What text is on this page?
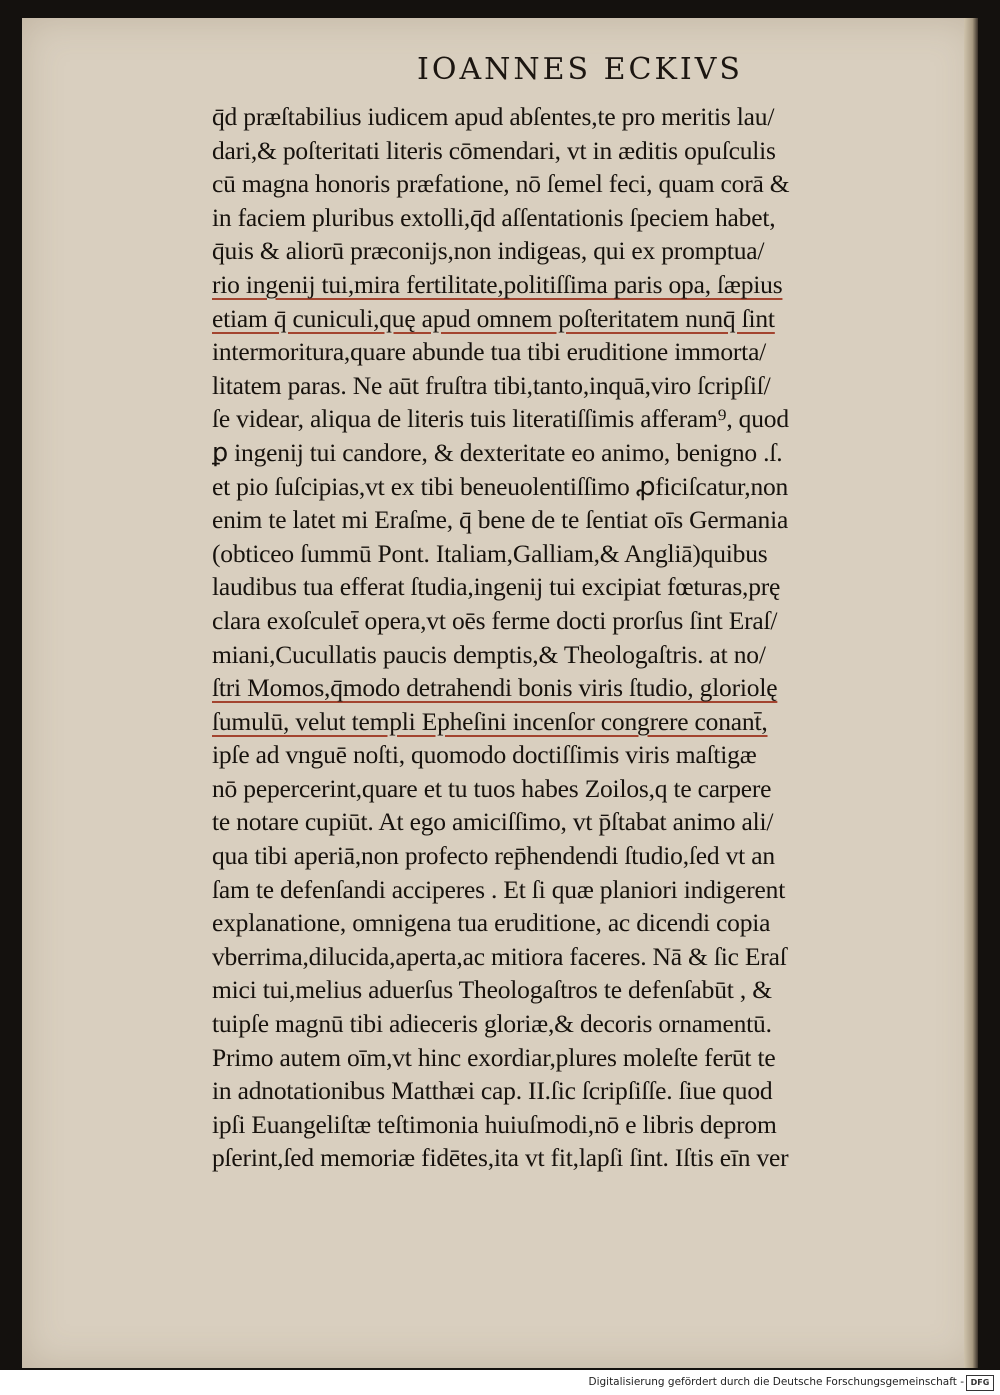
IOANNES ECKIVS
q̄d præſtabilius iudicem apud abſentes,te pro meritis lau/
dari,& poſteritati literis cōmendari, vt in æditis opuſculis
cū magna honoris præfatione, nō ſemel feci, quam corā &
in faciem pluribus extolli,q̄d aſſentationis ſpeciem habet,
q̄uis & aliorū præconijs,non indigeas, qui ex promptua/
rio ingenij tui,mira fertilitate,politiſſima paris opa, ſæpius
etiam q̄ cuniculi,quę apud omnem poſteritatem nunq̄ ſint
intermoritura,quare abunde tua tibi eruditione immorta/
litatem paras. Ne aūt fruſtra tibi,tanto,inquā,viro ſcripſiſ/
ſe videar, aliqua de literis tuis literatiſſimis afferam⁹, quod
ꝑ ingenij tui candore, & dexteritate eo animo, benigno .ſ.
et pio ſuſcipias,vt ex tibi beneuolentiſſimo ꝓficiſcatur,non
enim te latet mi Eraſme, q̄ bene de te ſentiat oīs Germania
(obticeo ſummū Pont. Italiam,Galliam,& Angliā)quibus
laudibus tua efferat ſtudia,ingenij tui excipiat fœturas,prę
clara exoſculet̄ opera,vt oēs ferme docti prorſus ſint Eraſ/
miani,Cucullatis paucis demptis,& Theologaſtris. at no/
ſtri Momos,q̄modo detrahendi bonis viris ſtudio, gloriolę
ſumulū, velut templi Epheſini incenſor congrere conant̄,
ipſe ad vnguē noſti, quomodo doctiſſimis viris maſtigæ
nō pepercerint,quare et tu tuos habes Zoilos,q te carpere
te notare cupiūt. At ego amiciſſimo, vt p̄ſtabat animo ali/
qua tibi aperiā,non profecto rep̄hendendi ſtudio,ſed vt an
ſam te defenſandi acciperes . Et ſi quæ planiori indigerent
explanatione, omnigena tua eruditione, ac dicendi copia
vberrima,dilucida,aperta,ac mitiora faceres. Nā & ſic Eraſ
mici tui,melius aduerſus Theologaſtros te defenſabūt , &
tuipſe magnū tibi adieceris gloriæ,& decoris ornamentū.
Primo autem oīm,vt hinc exordiar,plures moleſte ferūt te
in adnotationibus Matthæi cap. II.ſic ſcripſiſſe. ſiue quod
ipſi Euangeliſtæ teſtimonia huiuſmodi,nō e libris deprom
pſerint,ſed memoriæ fidētes,ita vt fit,lapſi ſint. Iſtis eīn ver
Digitalisierung gefördert durch die Deutsche Forschungsgemeinschaft - DFG
